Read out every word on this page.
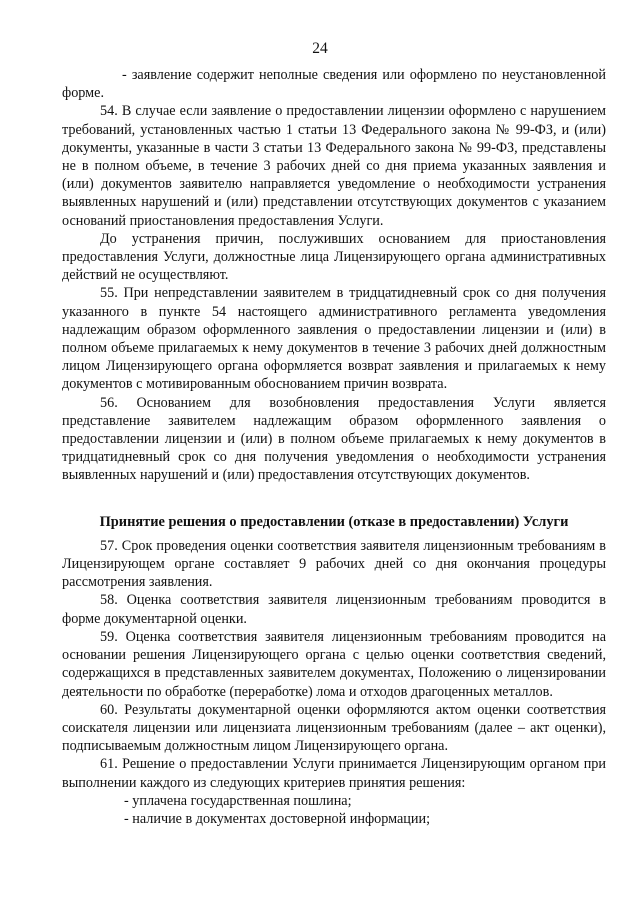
24

- заявление содержит неполные сведения или оформлено по неустановленной форме.

54. В случае если заявление о предоставлении лицензии оформлено с нарушением требований, установленных частью 1 статьи 13 Федерального закона № 99-ФЗ, и (или) документы, указанные в части 3 статьи 13 Федерального закона № 99-ФЗ, представлены не в полном объеме, в течение 3 рабочих дней со дня приема указанных заявления и (или) документов заявителю направляется уведомление о необходимости устранения выявленных нарушений и (или) представлении отсутствующих документов с указанием оснований приостановления предоставления Услуги.

До устранения причин, послуживших основанием для приостановления предоставления Услуги, должностные лица Лицензирующего органа административных действий не осуществляют.

55. При непредставлении заявителем в тридцатидневный срок со дня получения указанного в пункте 54 настоящего административного регламента уведомления надлежащим образом оформленного заявления о предоставлении лицензии и (или) в полном объеме прилагаемых к нему документов в течение 3 рабочих дней должностным лицом Лицензирующего органа оформляется возврат заявления и прилагаемых к нему документов с мотивированным обоснованием причин возврата.

56. Основанием для возобновления предоставления Услуги является представление заявителем надлежащим образом оформленного заявления о предоставлении лицензии и (или) в полном объеме прилагаемых к нему документов в тридцатидневный срок со дня получения уведомления о необходимости устранения выявленных нарушений и (или) предоставления отсутствующих документов.

Принятие решения о предоставлении (отказе в предоставлении) Услуги

57. Срок проведения оценки соответствия заявителя лицензионным требованиям в Лицензирующем органе составляет 9 рабочих дней со дня окончания процедуры рассмотрения заявления.

58. Оценка соответствия заявителя лицензионным требованиям проводится в форме документарной оценки.

59. Оценка соответствия заявителя лицензионным требованиям проводится на основании решения Лицензирующего органа с целью оценки соответствия сведений, содержащихся в представленных заявителем документах, Положению о лицензировании деятельности по обработке (переработке) лома и отходов драгоценных металлов.

60. Результаты документарной оценки оформляются актом оценки соответствия соискателя лицензии или лицензиата лицензионным требованиям (далее – акт оценки), подписываемым должностным лицом Лицензирующего органа.

61. Решение о предоставлении Услуги принимается Лицензирующим органом при выполнении каждого из следующих критериев принятия решения:

- уплачена государственная пошлина;

- наличие в документах достоверной информации;
